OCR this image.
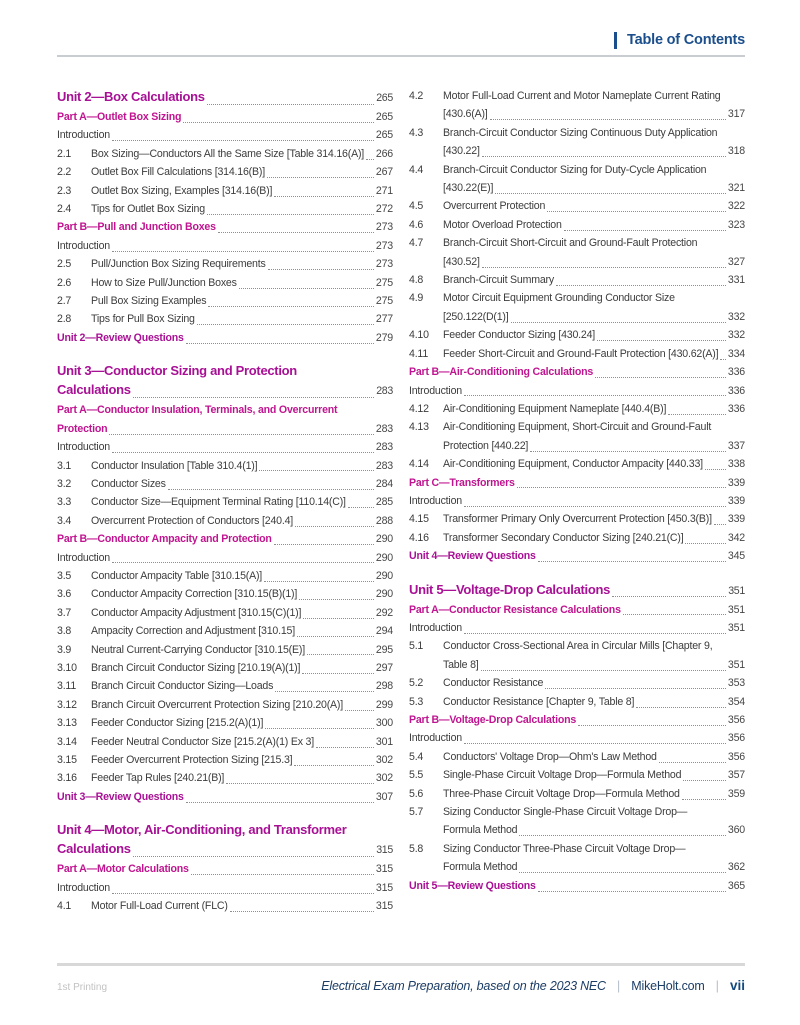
Table of Contents
Unit 2—Box Calculations	265
Part A—Outlet Box Sizing	265
Introduction	265
2.1	Box Sizing—Conductors All the Same Size [Table 314.16(A)] 266
2.2	Outlet Box Fill Calculations [314.16(B)]	267
2.3	Outlet Box Sizing, Examples [314.16(B)]	271
2.4	Tips for Outlet Box Sizing	272
Part B—Pull and Junction Boxes	273
Introduction	273
2.5	Pull/Junction Box Sizing Requirements	273
2.6	How to Size Pull/Junction Boxes	275
2.7	Pull Box Sizing Examples	275
2.8	Tips for Pull Box Sizing	277
Unit 2—Review Questions	279
Unit 3—Conductor Sizing and Protection
Calculations	283
Part A—Conductor Insulation, Terminals, and Overcurrent
Protection	283
Introduction	283
3.1	Conductor Insulation [Table 310.4(1)]	283
3.2	Conductor Sizes	284
3.3	Conductor Size—Equipment Terminal Rating [110.14(C)]	285
3.4	Overcurrent Protection of Conductors [240.4]	288
Part B—Conductor Ampacity and Protection	290
Introduction	290
3.5	Conductor Ampacity Table [310.15(A)]	290
3.6	Conductor Ampacity Correction [310.15(B)(1)]	290
3.7	Conductor Ampacity Adjustment [310.15(C)(1)]	292
3.8	Ampacity Correction and Adjustment [310.15]	294
3.9	Neutral Current-Carrying Conductor [310.15(E)]	295
3.10	Branch Circuit Conductor Sizing [210.19(A)(1)]	297
3.11	Branch Circuit Conductor Sizing—Loads	298
3.12	Branch Circuit Overcurrent Protection Sizing [210.20(A)]	299
3.13	Feeder Conductor Sizing [215.2(A)(1)]	300
3.14	Feeder Neutral Conductor Size [215.2(A)(1) Ex 3]	301
3.15	Feeder Overcurrent Protection Sizing [215.3]	302
3.16	Feeder Tap Rules [240.21(B)]	302
Unit 3—Review Questions	307
Unit 4—Motor, Air-Conditioning, and Transformer
Calculations	315
Part A—Motor Calculations	315
Introduction	315
4.1	Motor Full-Load Current (FLC)	315
4.2	Motor Full-Load Current and Motor Nameplate Current Rating
[430.6(A)]	317
4.3	Branch-Circuit Conductor Sizing Continuous Duty Application
[430.22]	318
4.4	Branch-Circuit Conductor Sizing for Duty-Cycle Application
[430.22(E)]	321
4.5	Overcurrent Protection	322
4.6	Motor Overload Protection	323
4.7	Branch-Circuit Short-Circuit and Ground-Fault Protection
[430.52]	327
4.8	Branch-Circuit Summary	331
4.9	Motor Circuit Equipment Grounding Conductor Size
[250.122(D(1)]	332
4.10	Feeder Conductor Sizing [430.24]	332
4.11	Feeder Short-Circuit and Ground-Fault Protection [430.62(A)] 334
Part B—Air-Conditioning Calculations	336
Introduction	336
4.12	Air-Conditioning Equipment Nameplate [440.4(B)]	336
4.13	Air-Conditioning Equipment, Short-Circuit and Ground-Fault
Protection [440.22]	337
4.14	Air-Conditioning Equipment, Conductor Ampacity [440.33] 338
Part C—Transformers	339
Introduction	339
4.15	Transformer Primary Only Overcurrent Protection [450.3(B)] 339
4.16	Transformer Secondary Conductor Sizing [240.21(C)]	342
Unit 4—Review Questions	345
Unit 5—Voltage-Drop Calculations	351
Part A—Conductor Resistance Calculations	351
Introduction	351
5.1	Conductor Cross-Sectional Area in Circular Mills [Chapter 9,
Table 8]	351
5.2	Conductor Resistance	353
5.3	Conductor Resistance [Chapter 9, Table 8]	354
Part B—Voltage-Drop Calculations	356
Introduction	356
5.4	Conductors' Voltage Drop—Ohm's Law Method	356
5.5	Single-Phase Circuit Voltage Drop—Formula Method	357
5.6	Three-Phase Circuit Voltage Drop—Formula Method	359
5.7	Sizing Conductor Single-Phase Circuit Voltage Drop—
Formula Method	360
5.8	Sizing Conductor Three-Phase Circuit Voltage Drop—
Formula Method	362
Unit 5—Review Questions	365
1st Printing	Electrical Exam Preparation, based on the 2023 NEC | MikeHolt.com | vii
